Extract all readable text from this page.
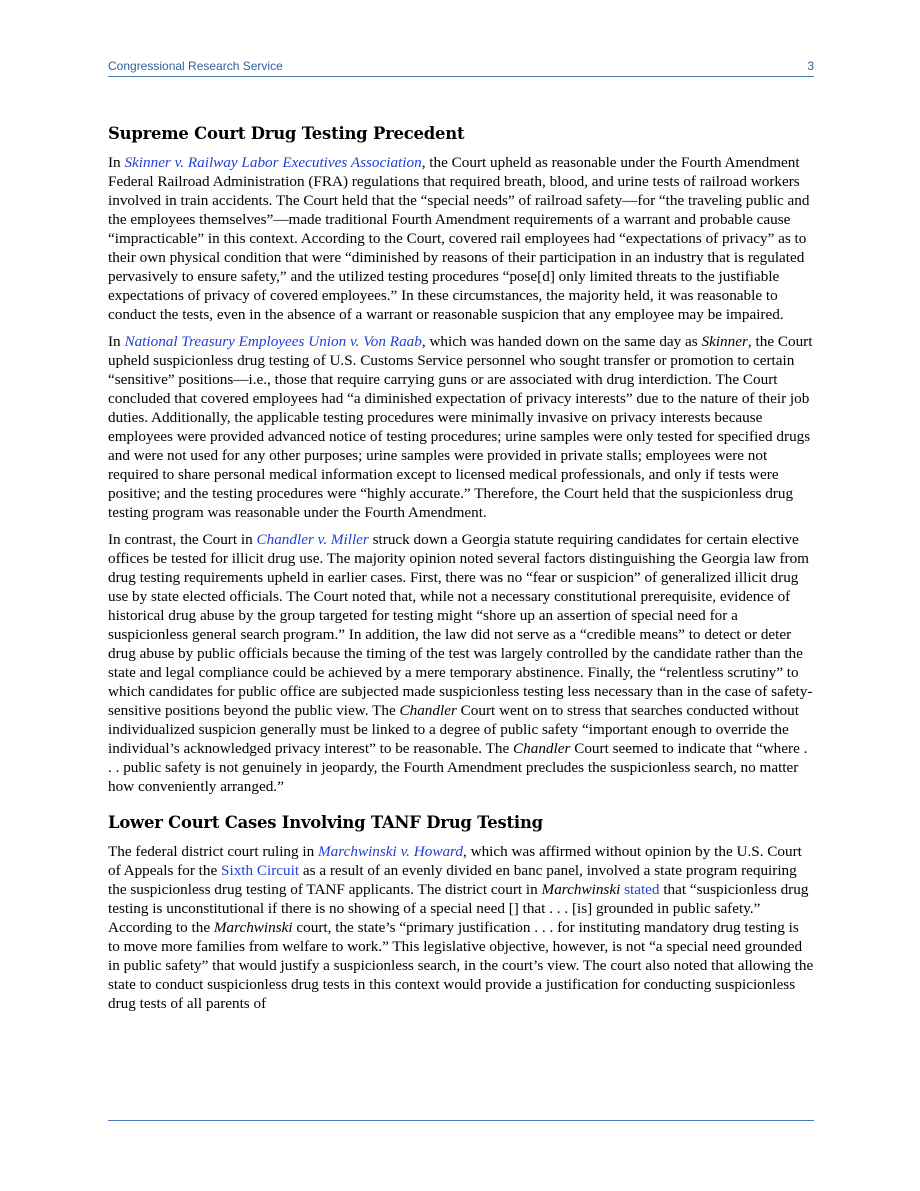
Congressional Research Service	3
Supreme Court Drug Testing Precedent

In Skinner v. Railway Labor Executives Association, the Court upheld as reasonable under the Fourth Amendment Federal Railroad Administration (FRA) regulations that required breath, blood, and urine tests of railroad workers involved in train accidents. The Court held that the “special needs” of railroad safety—for “the traveling public and the employees themselves”—made traditional Fourth Amendment requirements of a warrant and probable cause “impracticable” in this context. According to the Court, covered rail employees had “expectations of privacy” as to their own physical condition that were “diminished by reasons of their participation in an industry that is regulated pervasively to ensure safety,” and the utilized testing procedures “pose[d] only limited threats to the justifiable expectations of privacy of covered employees.” In these circumstances, the majority held, it was reasonable to conduct the tests, even in the absence of a warrant or reasonable suspicion that any employee may be impaired.

In National Treasury Employees Union v. Von Raab, which was handed down on the same day as Skinner, the Court upheld suspicionless drug testing of U.S. Customs Service personnel who sought transfer or promotion to certain “sensitive” positions—i.e., those that require carrying guns or are associated with drug interdiction. The Court concluded that covered employees had “a diminished expectation of privacy interests” due to the nature of their job duties. Additionally, the applicable testing procedures were minimally invasive on privacy interests because employees were provided advanced notice of testing procedures; urine samples were only tested for specified drugs and were not used for any other purposes; urine samples were provided in private stalls; employees were not required to share personal medical information except to licensed medical professionals, and only if tests were positive; and the testing procedures were “highly accurate.” Therefore, the Court held that the suspicionless drug testing program was reasonable under the Fourth Amendment.

In contrast, the Court in Chandler v. Miller struck down a Georgia statute requiring candidates for certain elective offices be tested for illicit drug use. The majority opinion noted several factors distinguishing the Georgia law from drug testing requirements upheld in earlier cases. First, there was no “fear or suspicion” of generalized illicit drug use by state elected officials. The Court noted that, while not a necessary constitutional prerequisite, evidence of historical drug abuse by the group targeted for testing might “shore up an assertion of special need for a suspicionless general search program.” In addition, the law did not serve as a “credible means” to detect or deter drug abuse by public officials because the timing of the test was largely controlled by the candidate rather than the state and legal compliance could be achieved by a mere temporary abstinence. Finally, the “relentless scrutiny” to which candidates for public office are subjected made suspicionless testing less necessary than in the case of safety-sensitive positions beyond the public view. The Chandler Court went on to stress that searches conducted without individualized suspicion generally must be linked to a degree of public safety “important enough to override the individual’s acknowledged privacy interest” to be reasonable. The Chandler Court seemed to indicate that “where . . . public safety is not genuinely in jeopardy, the Fourth Amendment precludes the suspicionless search, no matter how conveniently arranged.”

Lower Court Cases Involving TANF Drug Testing

The federal district court ruling in Marchwinski v. Howard, which was affirmed without opinion by the U.S. Court of Appeals for the Sixth Circuit as a result of an evenly divided en banc panel, involved a state program requiring the suspicionless drug testing of TANF applicants. The district court in Marchwinski stated that “suspicionless drug testing is unconstitutional if there is no showing of a special need [] that . . . [is] grounded in public safety.” According to the Marchwinski court, the state’s “primary justification . . . for instituting mandatory drug testing is to move more families from welfare to work.” This legislative objective, however, is not “a special need grounded in public safety” that would justify a suspicionless search, in the court’s view. The court also noted that allowing the state to conduct suspicionless drug tests in this context would provide a justification for conducting suspicionless drug tests of all parents of
